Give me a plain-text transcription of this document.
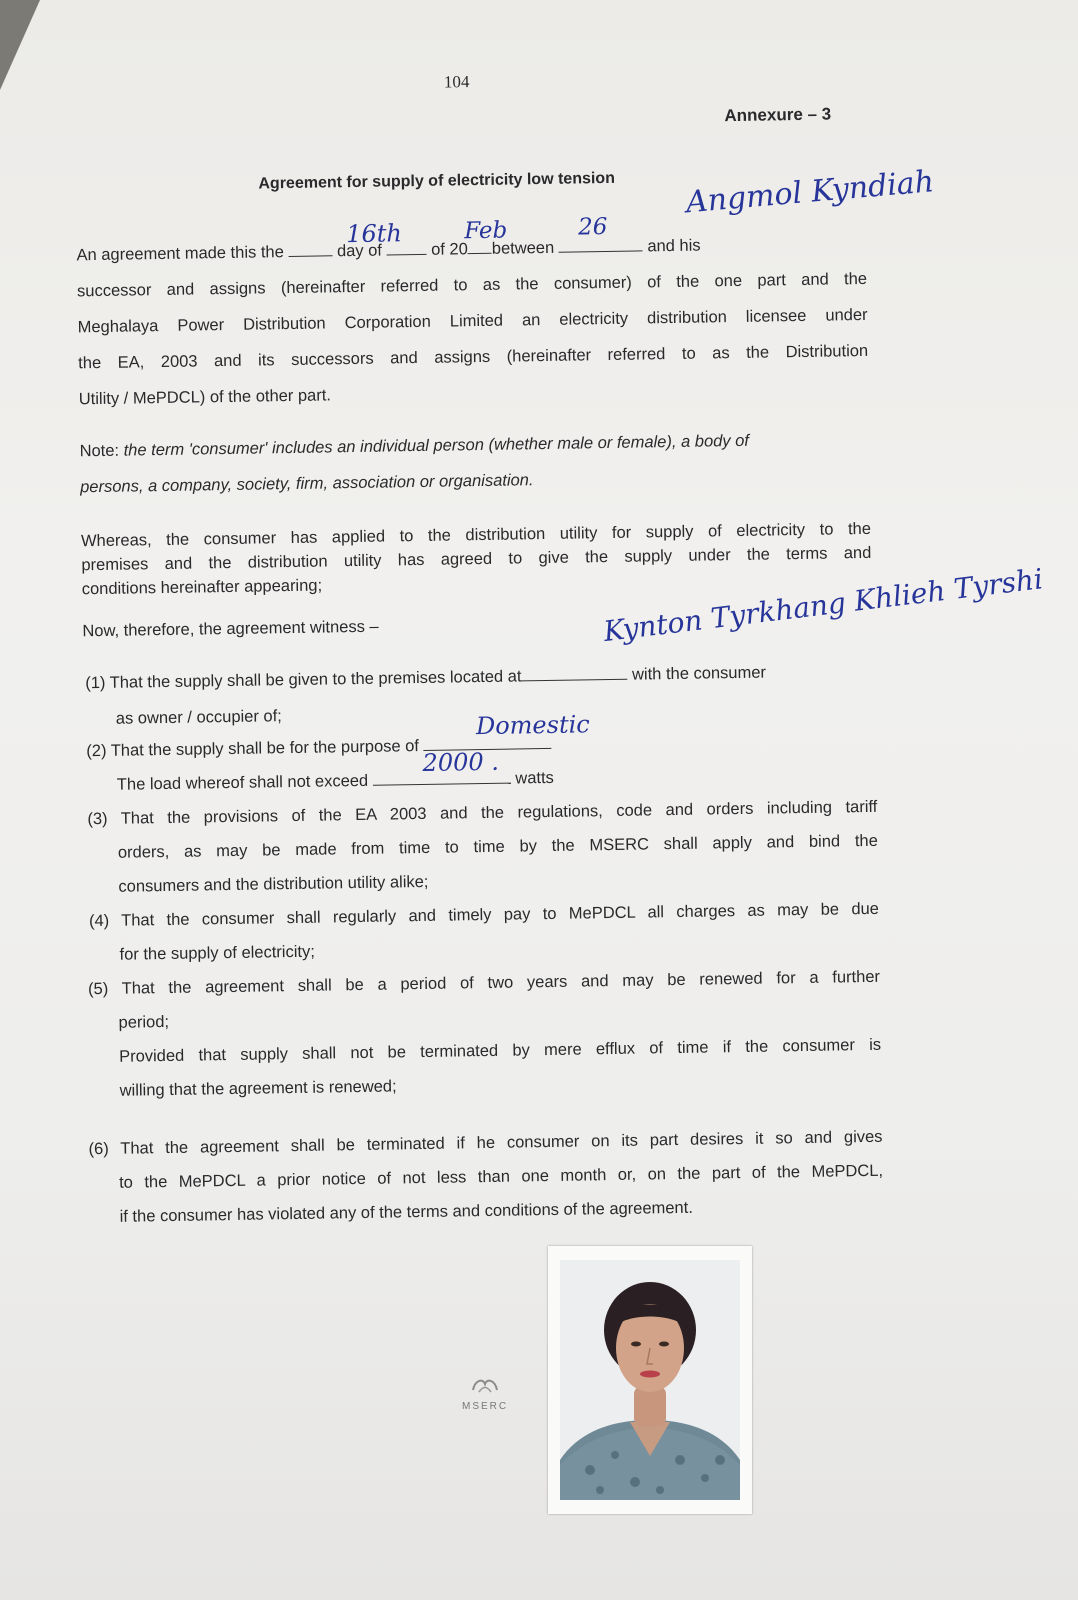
104
Annexure – 3
Agreement for supply of electricity low tension
An agreement made this the	day of	of 20 between	and his
16th	Feb	26
Angmol Kyndiah
successor and assigns (hereinafter referred to as the consumer) of the one part and the
Meghalaya Power Distribution Corporation Limited an electricity distribution licensee under
the EA, 2003 and its successors and assigns (hereinafter referred to as the Distribution
Utility / MePDCL) of the other part.
Note: the term 'consumer' includes an individual person (whether male or female), a body of
persons, a company, society, firm, association or organisation.
Whereas, the consumer has applied to the distribution utility for supply of electricity to the
premises and the distribution utility has agreed to give the supply under the terms and
conditions hereinafter appearing;
Now, therefore, the agreement witness –
(1) That the supply shall be given to the premises located at	with the consumer
Kynton Tyrkhang Khlieh Tyrshi
as owner / occupier of;
(2) That the supply shall be for the purpose of
Domestic
The load whereof shall not exceed	watts
2000 .
(3) That the provisions of the EA 2003 and the regulations, code and orders including tariff
orders, as may be made from time to time by the MSERC shall apply and bind the
consumers and the distribution utility alike;
(4) That the consumer shall regularly and timely pay to MePDCL all charges as may be due
for the supply of electricity;
(5) That the agreement shall be a period of two years and may be renewed for a further
period;
Provided that supply shall not be terminated by mere efflux of time if the consumer is
willing that the agreement is renewed;
(6) That the agreement shall be terminated if he consumer on its part desires it so and gives
to the MePDCL a prior notice of not less than one month or, on the part of the MePDCL,
if the consumer has violated any of the terms and conditions of the agreement.
MSERC
